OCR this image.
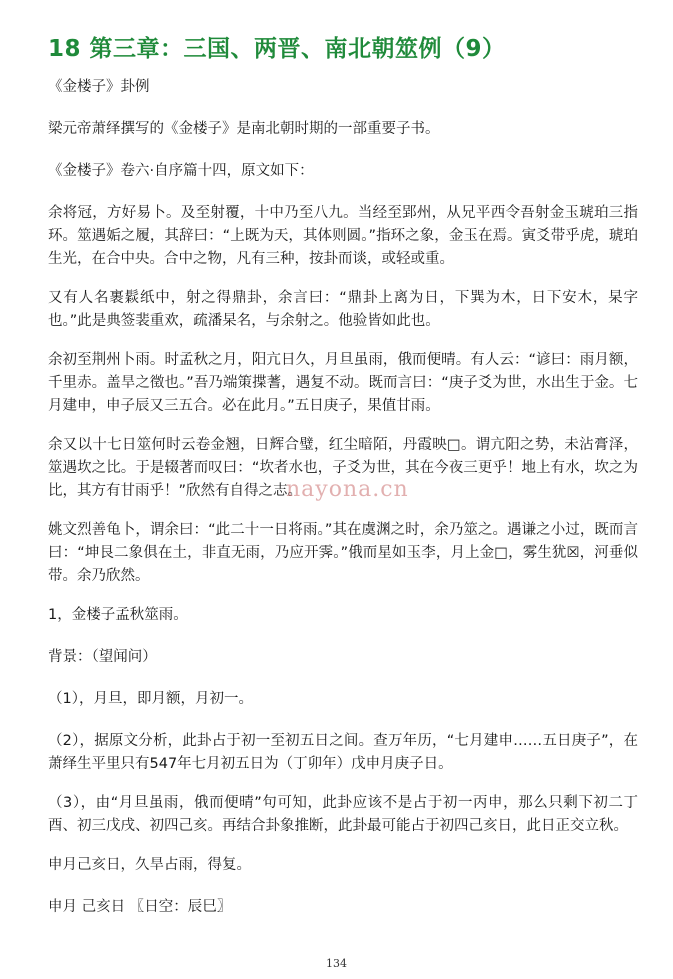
18 第三章：三国、两晋、南北朝筮例（9）

《金楼子》卦例

梁元帝萧绎撰写的《金楼子》是南北朝时期的一部重要子书。

《金楼子》卷六·自序篇十四，原文如下：

余将冠，方好易卜。及至射覆，十中乃至八九。当经至郢州，从兄平西令吾射金玉琥珀三指环。筮遇姤之履，其辞曰：“上既为天，其体则圆。”指环之象，金玉在焉。寅爻带乎虎，琥珀生光，在合中央。合中之物，凡有三种，按卦而谈，或轻或重。

又有人名裹鬏纸中，射之得鼎卦，余言曰：“鼎卦上离为日，下巽为木，日下安木，杲字也。”此是典签裴重欢，疏潘杲名，与余射之。他验皆如此也。

余初至荆州卜雨。时孟秋之月，阳亢日久，月旦虽雨，俄而便晴。有人云：“谚曰：雨月额，千里赤。盖旱之徵也。”吾乃端策揲蓍，遇复不动。既而言曰：“庚子爻为世，水出生于金。七月建申，申子辰又三五合。必在此月。”五日庚子，果值甘雨。

余又以十七日筮何时云卷金翘，日辉合璧，红尘暗陌，丹霞映□。谓亢阳之势，未沾膏泽，筮遇坎之比。于是辍著而叹曰：“坎者水也，子爻为世，其在今夜三更乎！地上有水，坎之为比，其方有甘雨乎！”欣然有自得之志。

姚文烈善龟卜，谓余曰：“此二十一日将雨。”其在虞渊之时，余乃筮之。遇谦之小过，既而言曰：“坤艮二象俱在土，非直无雨，乃应开霁。”俄而星如玉李，月上金□，雾生犹☒，河垂似带。余乃欣然。

1，金楼子孟秋筮雨。

背景：（望闻问）

（1），月旦，即月额，月初一。

（2），据原文分析，此卦占于初一至初五日之间。查万年历，“七月建申……五日庚子”，在萧绎生平里只有547年七月初五日为（丁卯年）戊申月庚子日。

（3），由“月旦虽雨，俄而便晴”句可知，此卦应该不是占于初一丙申，那么只剩下初二丁酉、初三戊戌、初四己亥。再结合卦象推断，此卦最可能占于初四己亥日，此日正交立秋。

申月己亥日，久旱占雨，得复。

申月 己亥日 〖日空：辰巳〗

nayona.cn
134
